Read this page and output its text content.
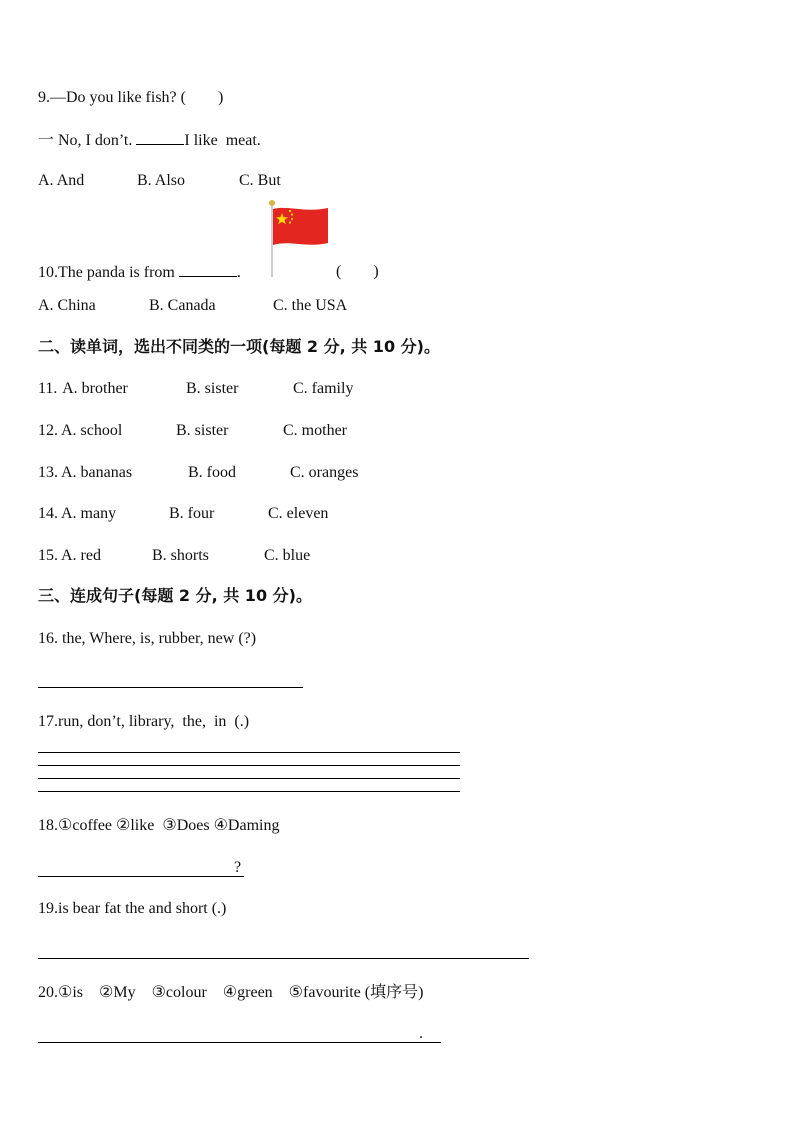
9.—Do you like fish? (　　)
一 No, I don’t.	I like  meat.
A. And	B. Also	C. But
10.The panda is from	.	(　　)
A. China	B. Canada	C. the USA
二、读单词，选出不同类的一项(每题 2 分, 共 10 分)。
11. A. brother	B. sister	C. family
12. A. school	B. sister	C. mother
13. A. bananas	B. food	C. oranges
14. A. many	B. four	C. eleven
15. A. red	B. shorts	C. blue
三、连成句子(每题 2 分, 共 10 分)。
16. the, Where, is, rubber, new (?)
17.run, don’t, library,  the,  in  (.)
18.①coffee ②like  ③Does ④Daming
?
19.is bear fat the and short (.)
20.①is    ②My    ③colour    ④green    ⑤favourite (填序号)
.
